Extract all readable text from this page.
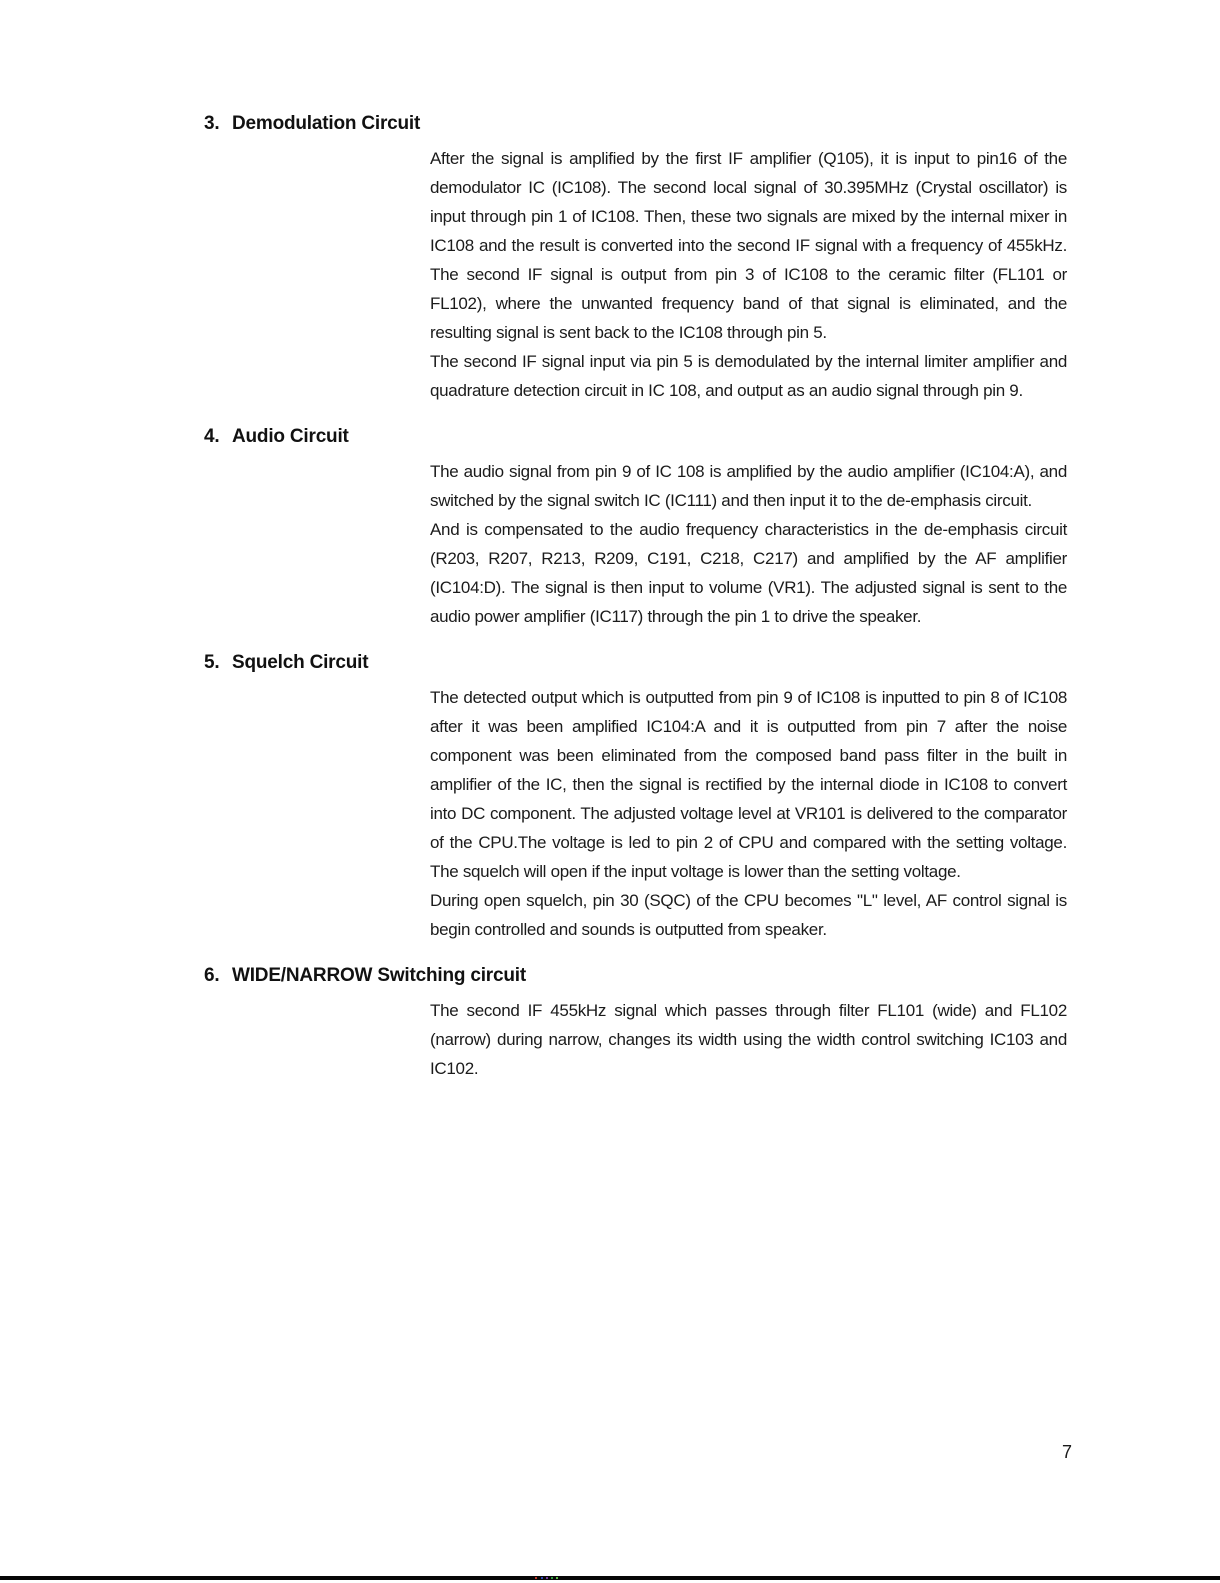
3. Demodulation Circuit

After the signal is amplified by the first IF amplifier (Q105), it is input to pin16 of the demodulator IC (IC108). The second local signal of 30.395MHz (Crystal oscillator) is input through pin 1 of IC108. Then, these two signals are mixed by the internal mixer in IC108 and the result is converted into the second IF signal with a frequency of 455kHz. The second IF signal is output from pin 3 of IC108 to the ceramic filter (FL101 or FL102), where the unwanted frequency band of that signal is eliminated, and the resulting signal is sent back to the IC108 through pin 5.

The second IF signal input via pin 5 is demodulated by the internal limiter amplifier and quadrature detection circuit in IC 108, and output as an audio signal through pin 9.

4. Audio Circuit

The audio signal from pin 9 of IC 108 is amplified by the audio amplifier (IC104:A), and switched by the signal switch IC (IC111) and then input it to the de-emphasis circuit.

And is compensated to the audio frequency characteristics in the de-emphasis circuit (R203, R207, R213, R209, C191, C218, C217) and amplified by the AF amplifier (IC104:D). The signal is then input to volume (VR1). The adjusted signal is sent to the audio power amplifier (IC117) through the pin 1 to drive the speaker.

5. Squelch Circuit

The detected output which is outputted from pin 9 of IC108 is inputted to pin 8 of IC108 after it was been amplified IC104:A and it is outputted from pin 7 after the noise component was been eliminated from the composed band pass filter in the built in amplifier of the IC, then the signal is rectified by the internal diode in IC108 to convert into DC component. The adjusted voltage level at VR101 is delivered to the comparator of the CPU.The voltage is led to pin 2 of CPU and compared with the setting voltage. The squelch will open if the input voltage is lower than the setting voltage.

During open squelch, pin 30 (SQC) of the CPU becomes "L" level, AF control signal is begin controlled and sounds is outputted from speaker.

6. WIDE/NARROW Switching circuit

The second IF 455kHz signal which passes through filter FL101 (wide) and FL102 (narrow) during narrow, changes its width using the width control switching IC103 and IC102.

7
